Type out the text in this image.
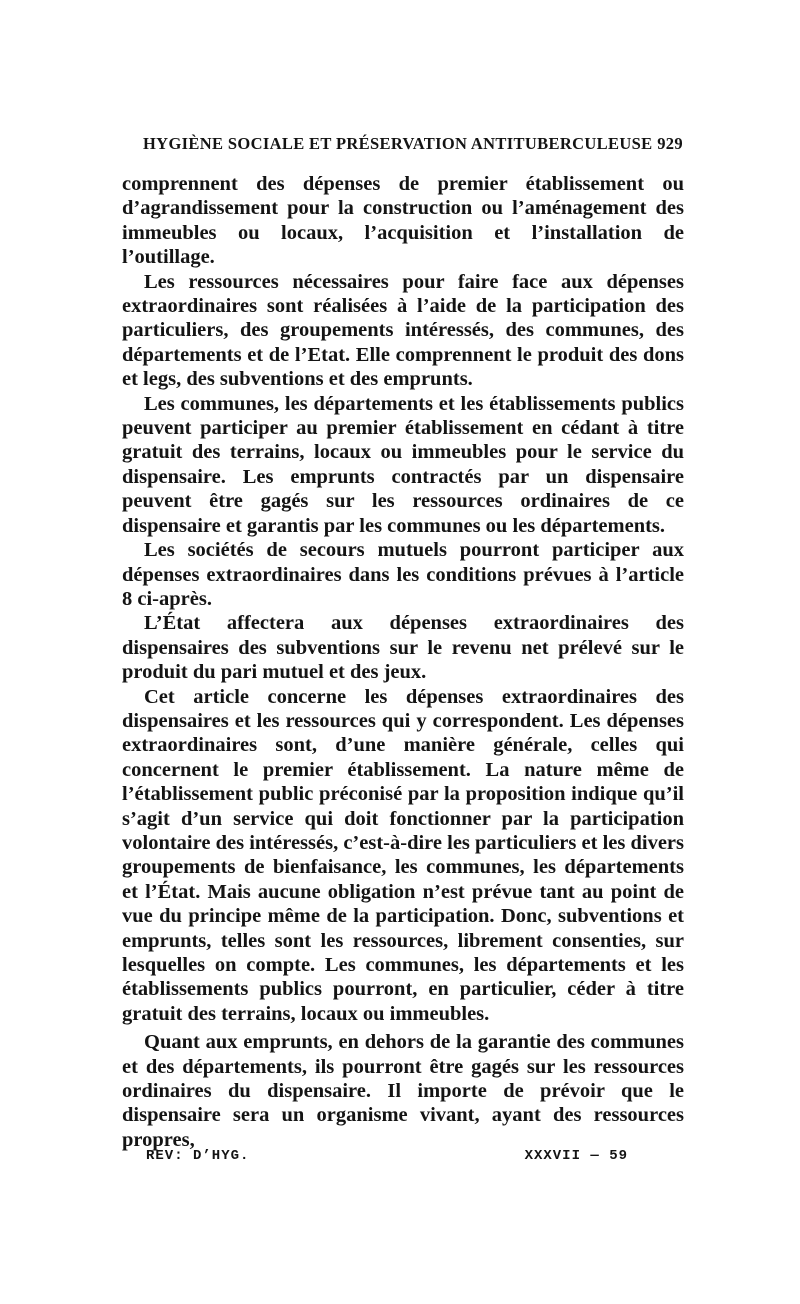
HYGIÈNE SOCIALE ET PRÉSERVATION ANTITUBERCULEUSE 929

comprennent des dépenses de premier établissement ou d’agrandissement pour la construction ou l’aménagement des immeubles ou locaux, l’acquisition et l’installation de l’outillage.

Les ressources nécessaires pour faire face aux dépenses extraordinaires sont réalisées à l’aide de la participation des particuliers, des groupements intéressés, des communes, des départements et de l’Etat. Elle comprennent le produit des dons et legs, des subventions et des emprunts.

Les communes, les départements et les établissements publics peuvent participer au premier établissement en cédant à titre gratuit des terrains, locaux ou immeubles pour le service du dispensaire. Les emprunts contractés par un dispensaire peuvent être gagés sur les ressources ordinaires de ce dispensaire et garantis par les communes ou les départements.

Les sociétés de secours mutuels pourront participer aux dépenses extraordinaires dans les conditions prévues à l’article 8 ci-après.

L’État affectera aux dépenses extraordinaires des dispensaires des subventions sur le revenu net prélevé sur le produit du pari mutuel et des jeux.

Cet article concerne les dépenses extraordinaires des dispensaires et les ressources qui y correspondent. Les dépenses extraordinaires sont, d’une manière générale, celles qui concernent le premier établissement. La nature même de l’établissement public préconisé par la proposition indique qu’il s’agit d’un service qui doit fonctionner par la participation volontaire des intéressés, c’est-à-dire les particuliers et les divers groupements de bienfaisance, les communes, les départements et l’État. Mais aucune obligation n’est prévue tant au point de vue du principe même de la participation. Donc, subventions et emprunts, telles sont les ressources, librement consenties, sur lesquelles on compte. Les communes, les départements et les établissements publics pourront, en particulier, céder à titre gratuit des terrains, locaux ou immeubles.

Quant aux emprunts, en dehors de la garantie des communes et des départements, ils pourront être gagés sur les ressources ordinaires du dispensaire. Il importe de prévoir que le dispensaire sera un organisme vivant, ayant des ressources propres,

REV: D’HYG.	XXXVII — 59
